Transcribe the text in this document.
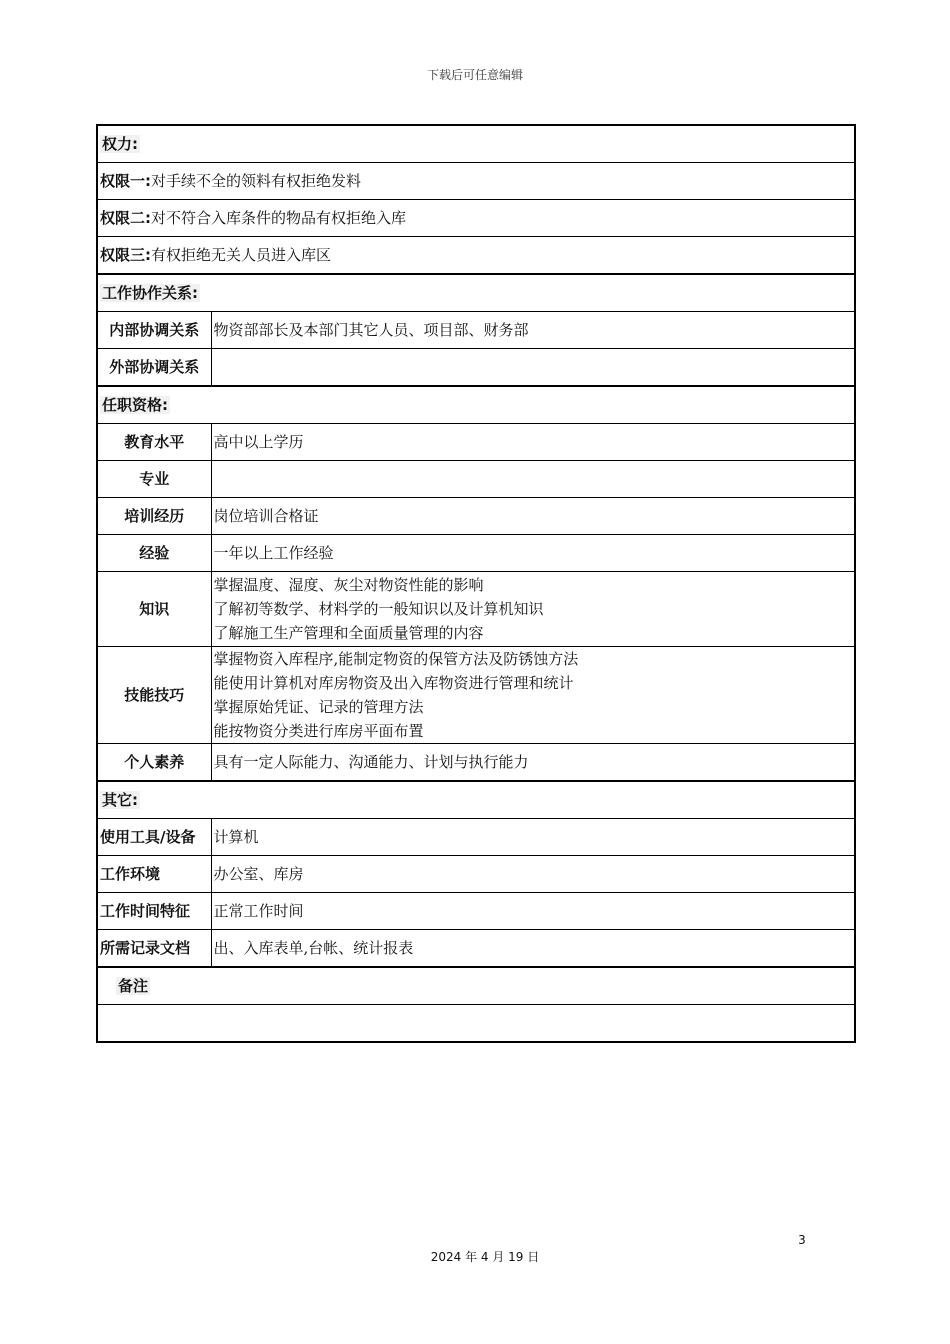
下载后可任意编辑
权力:	
权限一:对手续不全的领料有权拒绝发料	
权限二:对不符合入库条件的物品有权拒绝入库	
权限三:有权拒绝无关人员进入库区	
工作协作关系:	
内部协调关系	物资部部长及本部门其它人员、项目部、财务部
外部协调关系	
任职资格:	
教育水平	高中以上学历
专业	
培训经历	岗位培训合格证
经验	一年以上工作经验
知识	掌握温度、湿度、灰尘对物资性能的影响
了解初等数学、材料学的一般知识以及计算机知识
了解施工生产管理和全面质量管理的内容

技能技巧	掌握物资入库程序,能制定物资的保管方法及防锈蚀方法
能使用计算机对库房物资及出入库物资进行管理和统计
掌握原始凭证、记录的管理方法
能按物资分类进行库房平面布置

个人素养	具有一定人际能力、沟通能力、计划与执行能力
其它:	
使用工具/设备	计算机
工作环境	办公室、库房
工作时间特征	正常工作时间
所需记录文档	出、入库表单,台帐、统计报表
备注	

3
2024 年 4 月 19 日
